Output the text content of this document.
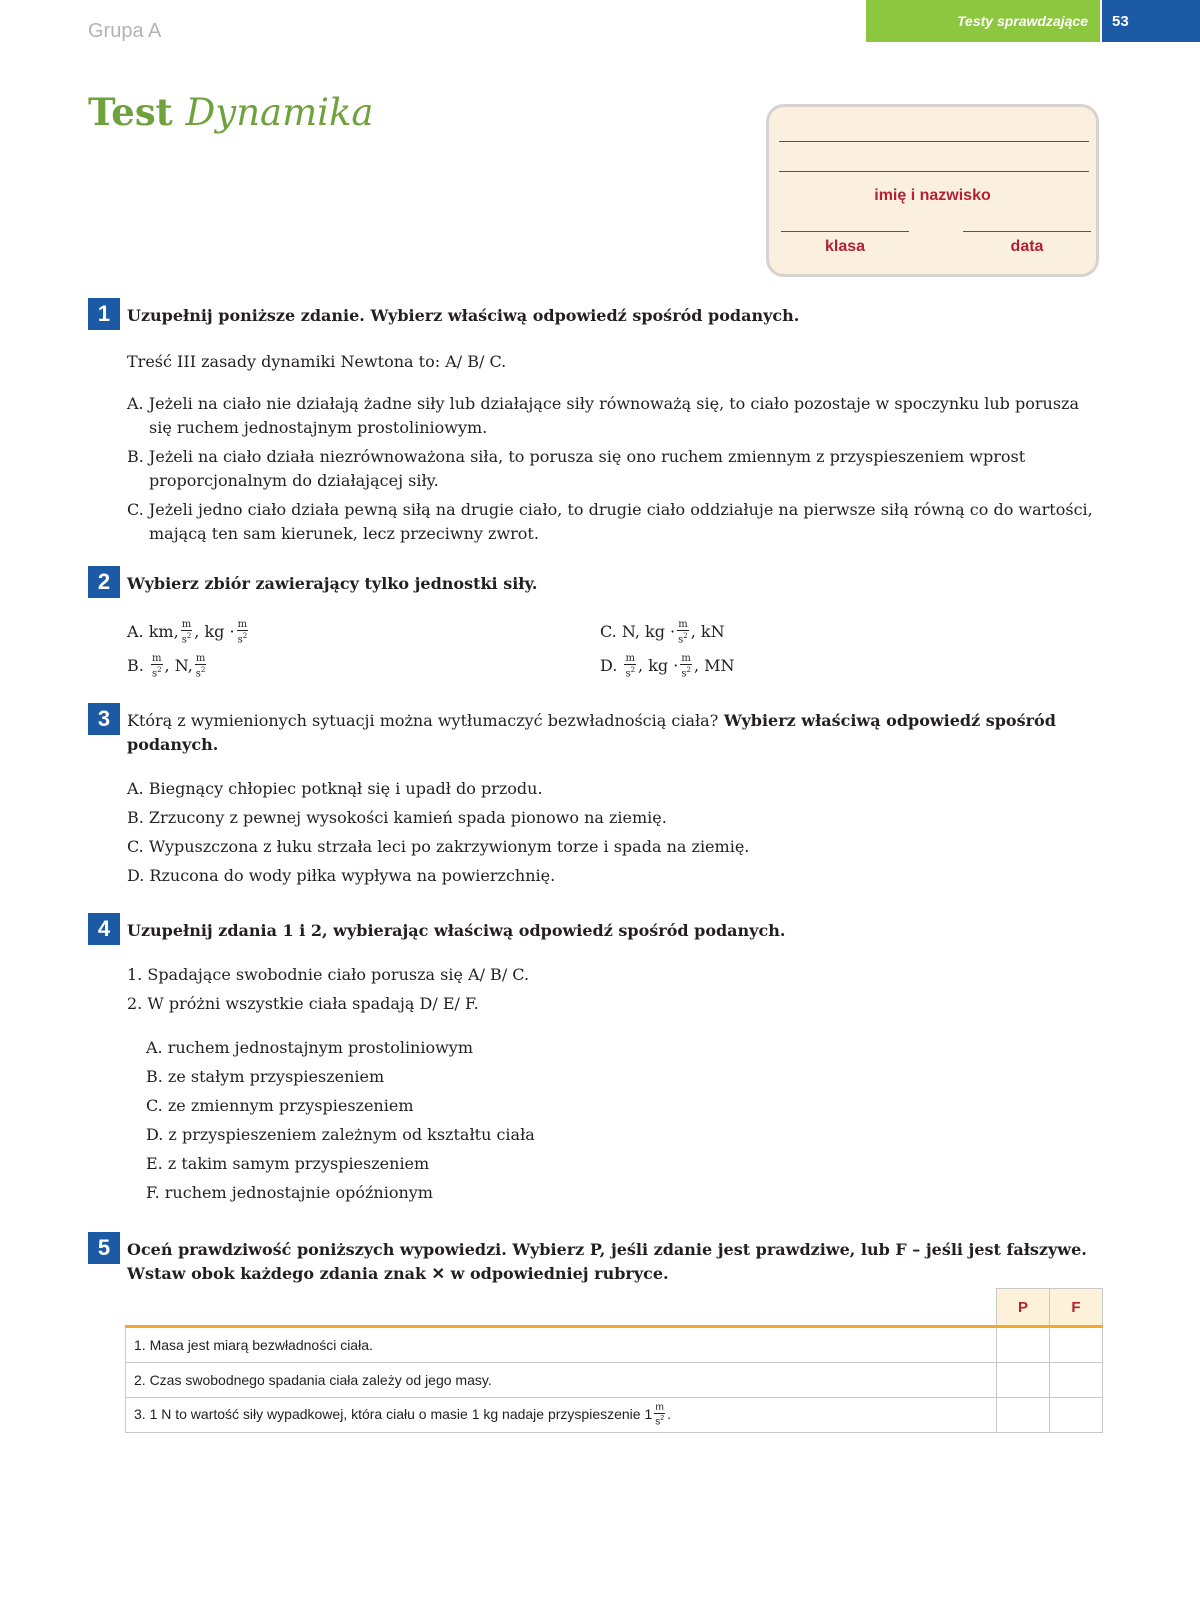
Grupa A	Testy sprawdzające 53
Test Dynamika
imię i nazwisko
klasa	data
1	Uzupełnij poniższe zdanie. Wybierz właściwą odpowiedź spośród podanych.
Treść III zasady dynamiki Newtona to: A/ B/ C.
A. Jeżeli na ciało nie działają żadne siły lub działające siły równoważą się, to ciało pozostaje w spoczynku lub porusza się ruchem jednostajnym prostoliniowym.
B. Jeżeli na ciało działa niezrównoważona siła, to porusza się ono ruchem zmiennym z przyspieszeniem wprost proporcjonalnym do działającej siły.
C. Jeżeli jedno ciało działa pewną siłą na drugie ciało, to drugie ciało oddziałuje na pierwsze siłą równą co do wartości, mającą ten sam kierunek, lecz przeciwny zwrot.
2	Wybierz zbiór zawierający tylko jednostki siły.
A. km, $\frac{m}{s^2}$ , kg · $\frac{m}{s^2}$	C. N, kg · $\frac{m}{s^2}$ , kN
B. $\frac{m}{s^2}$ , N, $\frac{m}{s^2}$	D. $\frac{m}{s^2}$ , kg · $\frac{m}{s^2}$ , MN
3	Którą z wymienionych sytuacji można wytłumaczyć bezwładnością ciała? Wybierz właściwą odpowiedź spośród podanych.
A. Biegnący chłopiec potknął się i upadł do przodu.
B. Zrzucony z pewnej wysokości kamień spada pionowo na ziemię.
C. Wypuszczona z łuku strzała leci po zakrzywionym torze i spada na ziemię.
D. Rzucona do wody piłka wypływa na powierzchnię.
4	Uzupełnij zdania 1 i 2, wybierając właściwą odpowiedź spośród podanych.
1. Spadające swobodnie ciało porusza się A/ B/ C.
2. W próżni wszystkie ciała spadają D/ E/ F.
A. ruchem jednostajnym prostoliniowym
B. ze stałym przyspieszeniem
C. ze zmiennym przyspieszeniem
D. z przyspieszeniem zależnym od kształtu ciała
E. z takim samym przyspieszeniem
F. ruchem jednostajnie opóźnionym
5	Oceń prawdziwość poniższych wypowiedzi. Wybierz P, jeśli zdanie jest prawdziwe, lub F – jeśli jest fałszywe. Wstaw obok każdego zdania znak ✕ w odpowiedniej rubryce.
	P	F
1. Masa jest miarą bezwładności ciała.		
2. Czas swobodnego spadania ciała zależy od jego masy.		
3. 1 N to wartość siły wypadkowej, która ciału o masie 1 kg nadaje przyspieszenie $1 \frac{m}{s^2}$ .		
